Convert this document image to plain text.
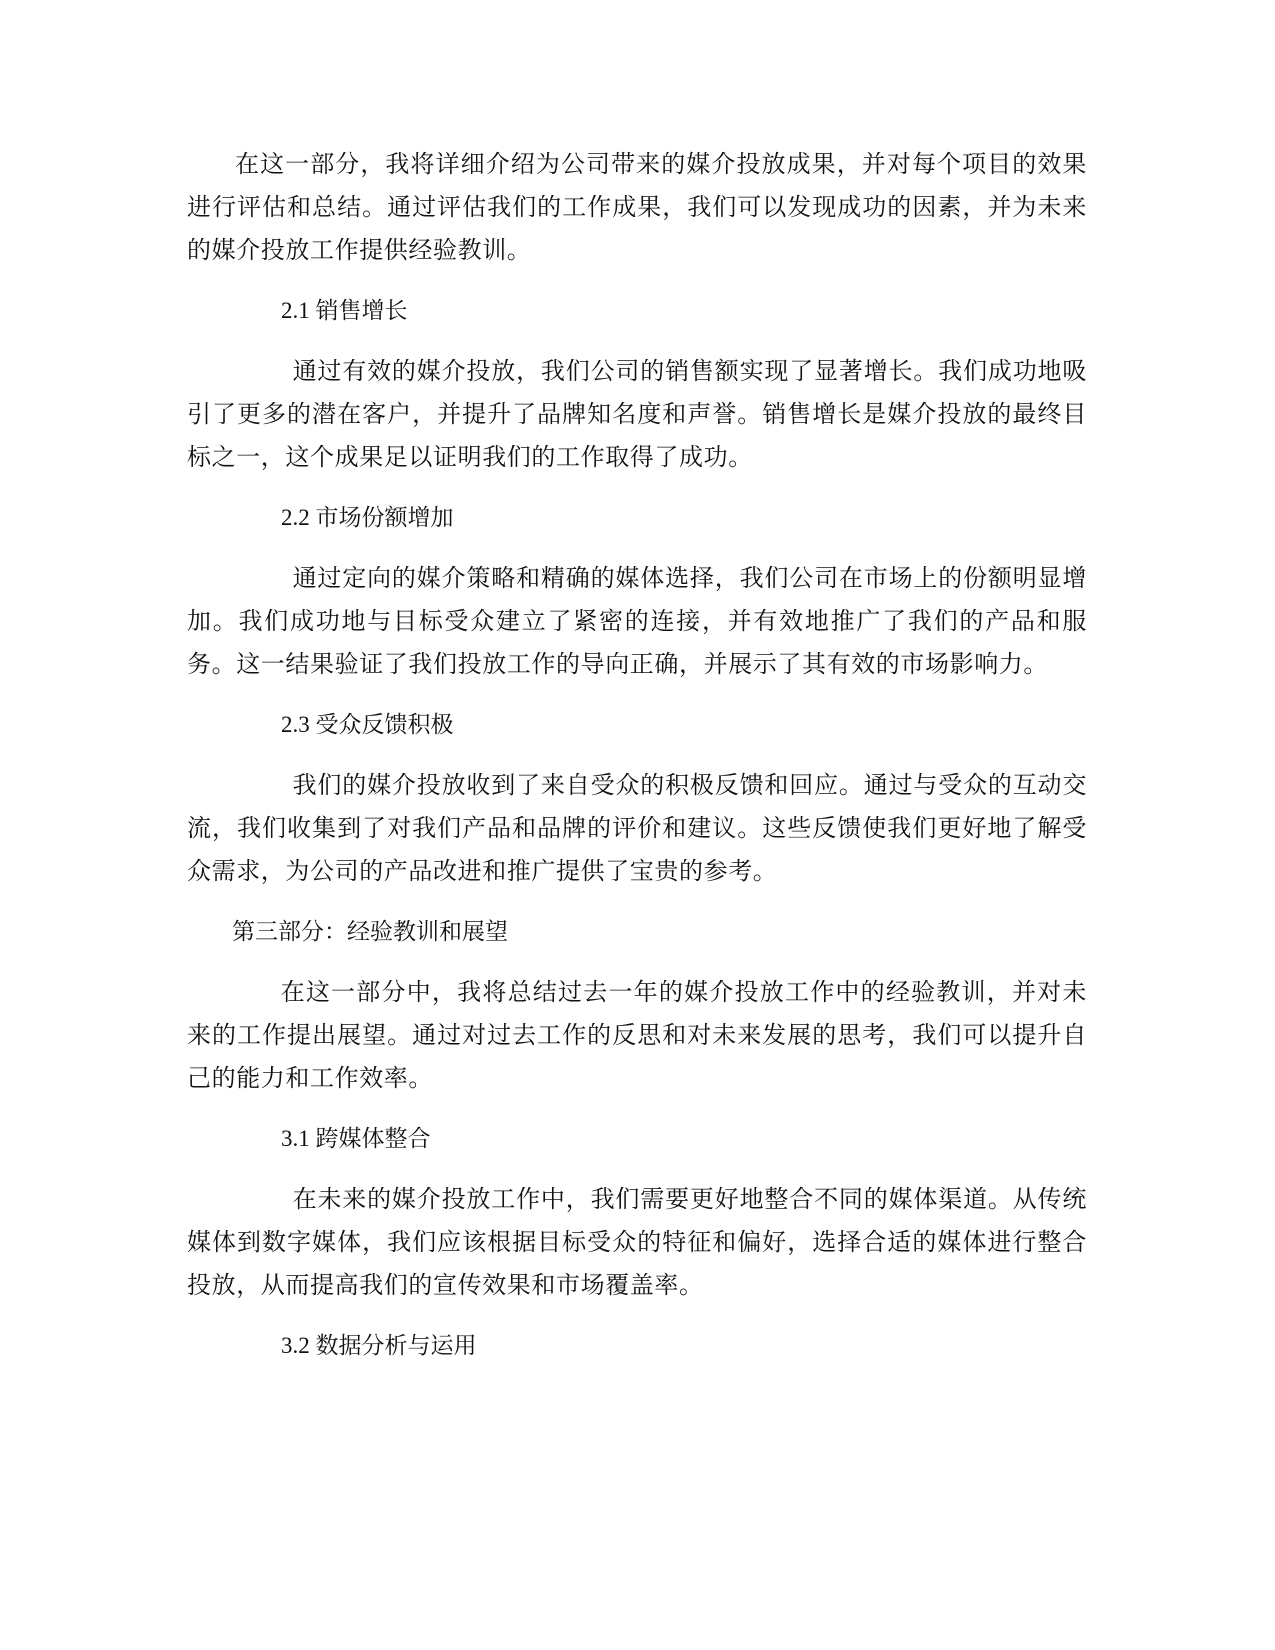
在这一部分，我将详细介绍为公司带来的媒介投放成果，并对每个项目的效果进行评估和总结。通过评估我们的工作成果，我们可以发现成功的因素，并为未来的媒介投放工作提供经验教训。

2.1 销售增长

通过有效的媒介投放，我们公司的销售额实现了显著增长。我们成功地吸引了更多的潜在客户，并提升了品牌知名度和声誉。销售增长是媒介投放的最终目标之一，这个成果足以证明我们的工作取得了成功。

2.2 市场份额增加

通过定向的媒介策略和精确的媒体选择，我们公司在市场上的份额明显增加。我们成功地与目标受众建立了紧密的连接，并有效地推广了我们的产品和服务。这一结果验证了我们投放工作的导向正确，并展示了其有效的市场影响力。

2.3 受众反馈积极

我们的媒介投放收到了来自受众的积极反馈和回应。通过与受众的互动交流，我们收集到了对我们产品和品牌的评价和建议。这些反馈使我们更好地了解受众需求，为公司的产品改进和推广提供了宝贵的参考。

第三部分：经验教训和展望

在这一部分中，我将总结过去一年的媒介投放工作中的经验教训，并对未来的工作提出展望。通过对过去工作的反思和对未来发展的思考，我们可以提升自己的能力和工作效率。

3.1 跨媒体整合

在未来的媒介投放工作中，我们需要更好地整合不同的媒体渠道。从传统媒体到数字媒体，我们应该根据目标受众的特征和偏好，选择合适的媒体进行整合投放，从而提高我们的宣传效果和市场覆盖率。

3.2 数据分析与运用
